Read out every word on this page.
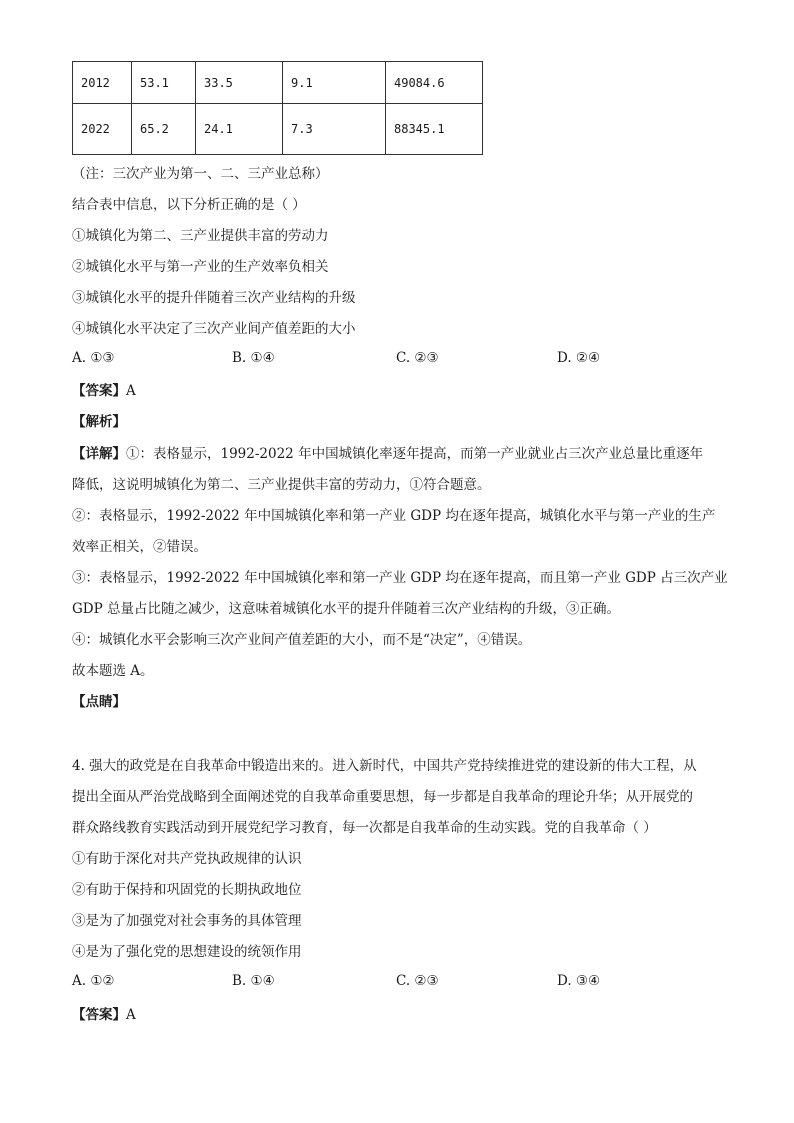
2012	53.1	33.5	9.1	49084.6
2022	65.2	24.1	7.3	88345.1
（注：三次产业为第一、二、三产业总称）
结合表中信息，以下分析正确的是（ ）
①城镇化为第二、三产业提供丰富的劳动力
②城镇化水平与第一产业的生产效率负相关
③城镇化水平的提升伴随着三次产业结构的升级
④城镇化水平决定了三次产业间产值差距的大小
A. ①③	B. ①④	C. ②③	D. ②④
【答案】A
【解析】
【详解】①：表格显示，1992-2022 年中国城镇化率逐年提高，而第一产业就业占三次产业总量比重逐年
降低，这说明城镇化为第二、三产业提供丰富的劳动力，①符合题意。
②：表格显示，1992-2022 年中国城镇化率和第一产业 GDP 均在逐年提高，城镇化水平与第一产业的生产
效率正相关，②错误。
③：表格显示，1992-2022 年中国城镇化率和第一产业 GDP 均在逐年提高，而且第一产业 GDP 占三次产业
GDP 总量占比随之减少，这意味着城镇化水平的提升伴随着三次产业结构的升级，③正确。
④：城镇化水平会影响三次产业间产值差距的大小，而不是“决定”，④错误。
故本题选 A。
【点睛】
4. 强大的政党是在自我革命中锻造出来的。进入新时代，中国共产党持续推进党的建设新的伟大工程，从
提出全面从严治党战略到全面阐述党的自我革命重要思想，每一步都是自我革命的理论升华；从开展党的
群众路线教育实践活动到开展党纪学习教育，每一次都是自我革命的生动实践。党的自我革命（ ）
①有助于深化对共产党执政规律的认识
②有助于保持和巩固党的长期执政地位
③是为了加强党对社会事务的具体管理
④是为了强化党的思想建设的统领作用
A. ①②	B. ①④	C. ②③	D. ③④
【答案】A
